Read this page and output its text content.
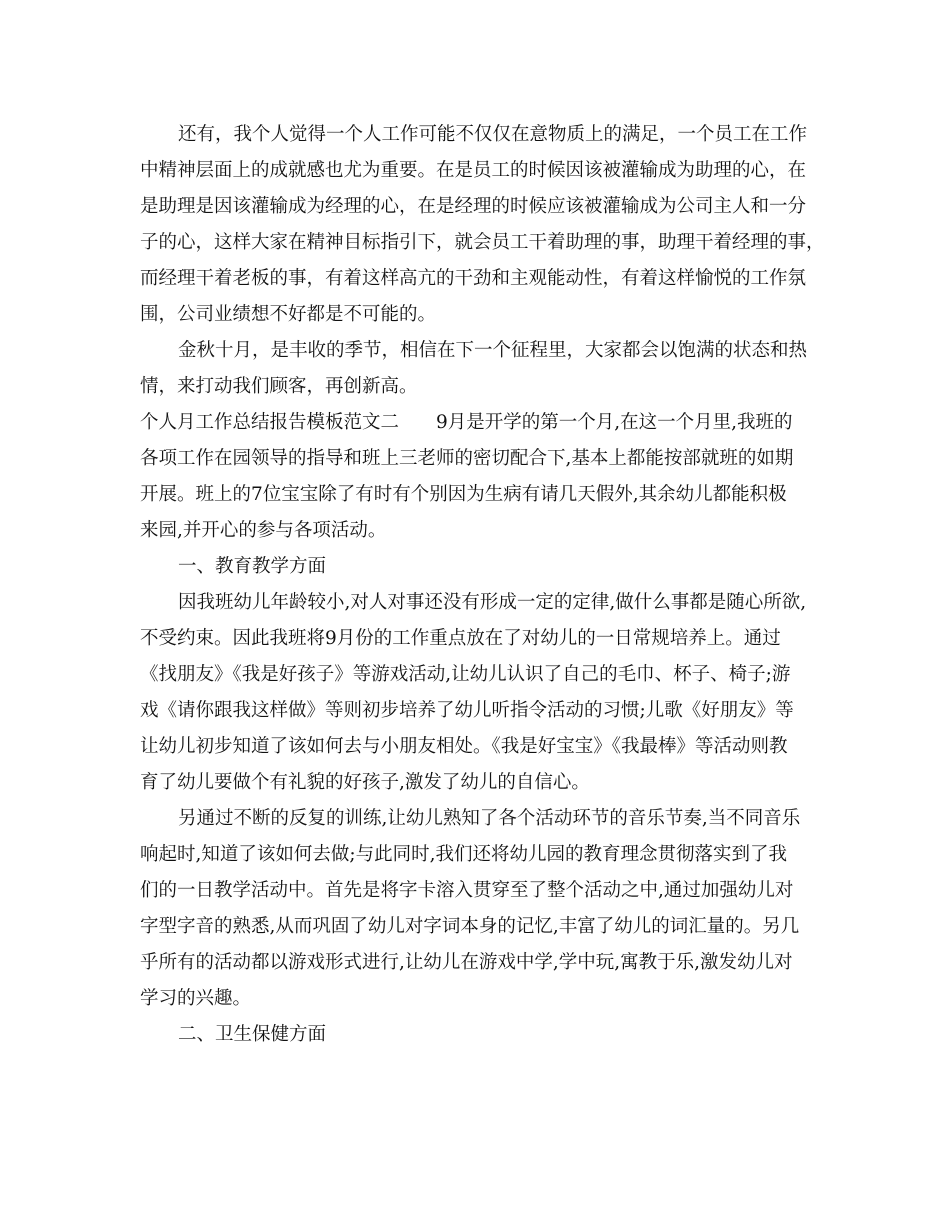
还有，我个人觉得一个人工作可能不仅仅在意物质上的满足，一个员工在工作
中精神层面上的成就感也尤为重要。在是员工的时候因该被灌输成为助理的心，在
是助理是因该灌输成为经理的心，在是经理的时候应该被灌输成为公司主人和一分
子的心，这样大家在精神目标指引下，就会员工干着助理的事，助理干着经理的事，
而经理干着老板的事，有着这样高亢的干劲和主观能动性，有着这样愉悦的工作氛
围，公司业绩想不好都是不可能的。
金秋十月，是丰收的季节，相信在下一个征程里，大家都会以饱满的状态和热
情，来打动我们顾客，再创新高。
个人月工作总结报告模板范文二　　9月是开学的第一个月,在这一个月里,我班的
各项工作在园领导的指导和班上三老师的密切配合下,基本上都能按部就班的如期
开展。班上的7位宝宝除了有时有个别因为生病有请几天假外,其余幼儿都能积极
来园,并开心的参与各项活动。
一、教育教学方面
因我班幼儿年龄较小,对人对事还没有形成一定的定律,做什么事都是随心所欲,
不受约束。因此我班将9月份的工作重点放在了对幼儿的一日常规培养上。通过
《找朋友》《我是好孩子》等游戏活动,让幼儿认识了自己的毛巾、杯子、椅子;游
戏《请你跟我这样做》等则初步培养了幼儿听指令活动的习惯;儿歌《好朋友》等
让幼儿初步知道了该如何去与小朋友相处。《我是好宝宝》《我最棒》等活动则教
育了幼儿要做个有礼貌的好孩子,激发了幼儿的自信心。
另通过不断的反复的训练,让幼儿熟知了各个活动环节的音乐节奏,当不同音乐
响起时,知道了该如何去做;与此同时,我们还将幼儿园的教育理念贯彻落实到了我
们的一日教学活动中。首先是将字卡溶入贯穿至了整个活动之中,通过加强幼儿对
字型字音的熟悉,从而巩固了幼儿对字词本身的记忆,丰富了幼儿的词汇量的。另几
乎所有的活动都以游戏形式进行,让幼儿在游戏中学,学中玩,寓教于乐,激发幼儿对
学习的兴趣。
二、卫生保健方面
